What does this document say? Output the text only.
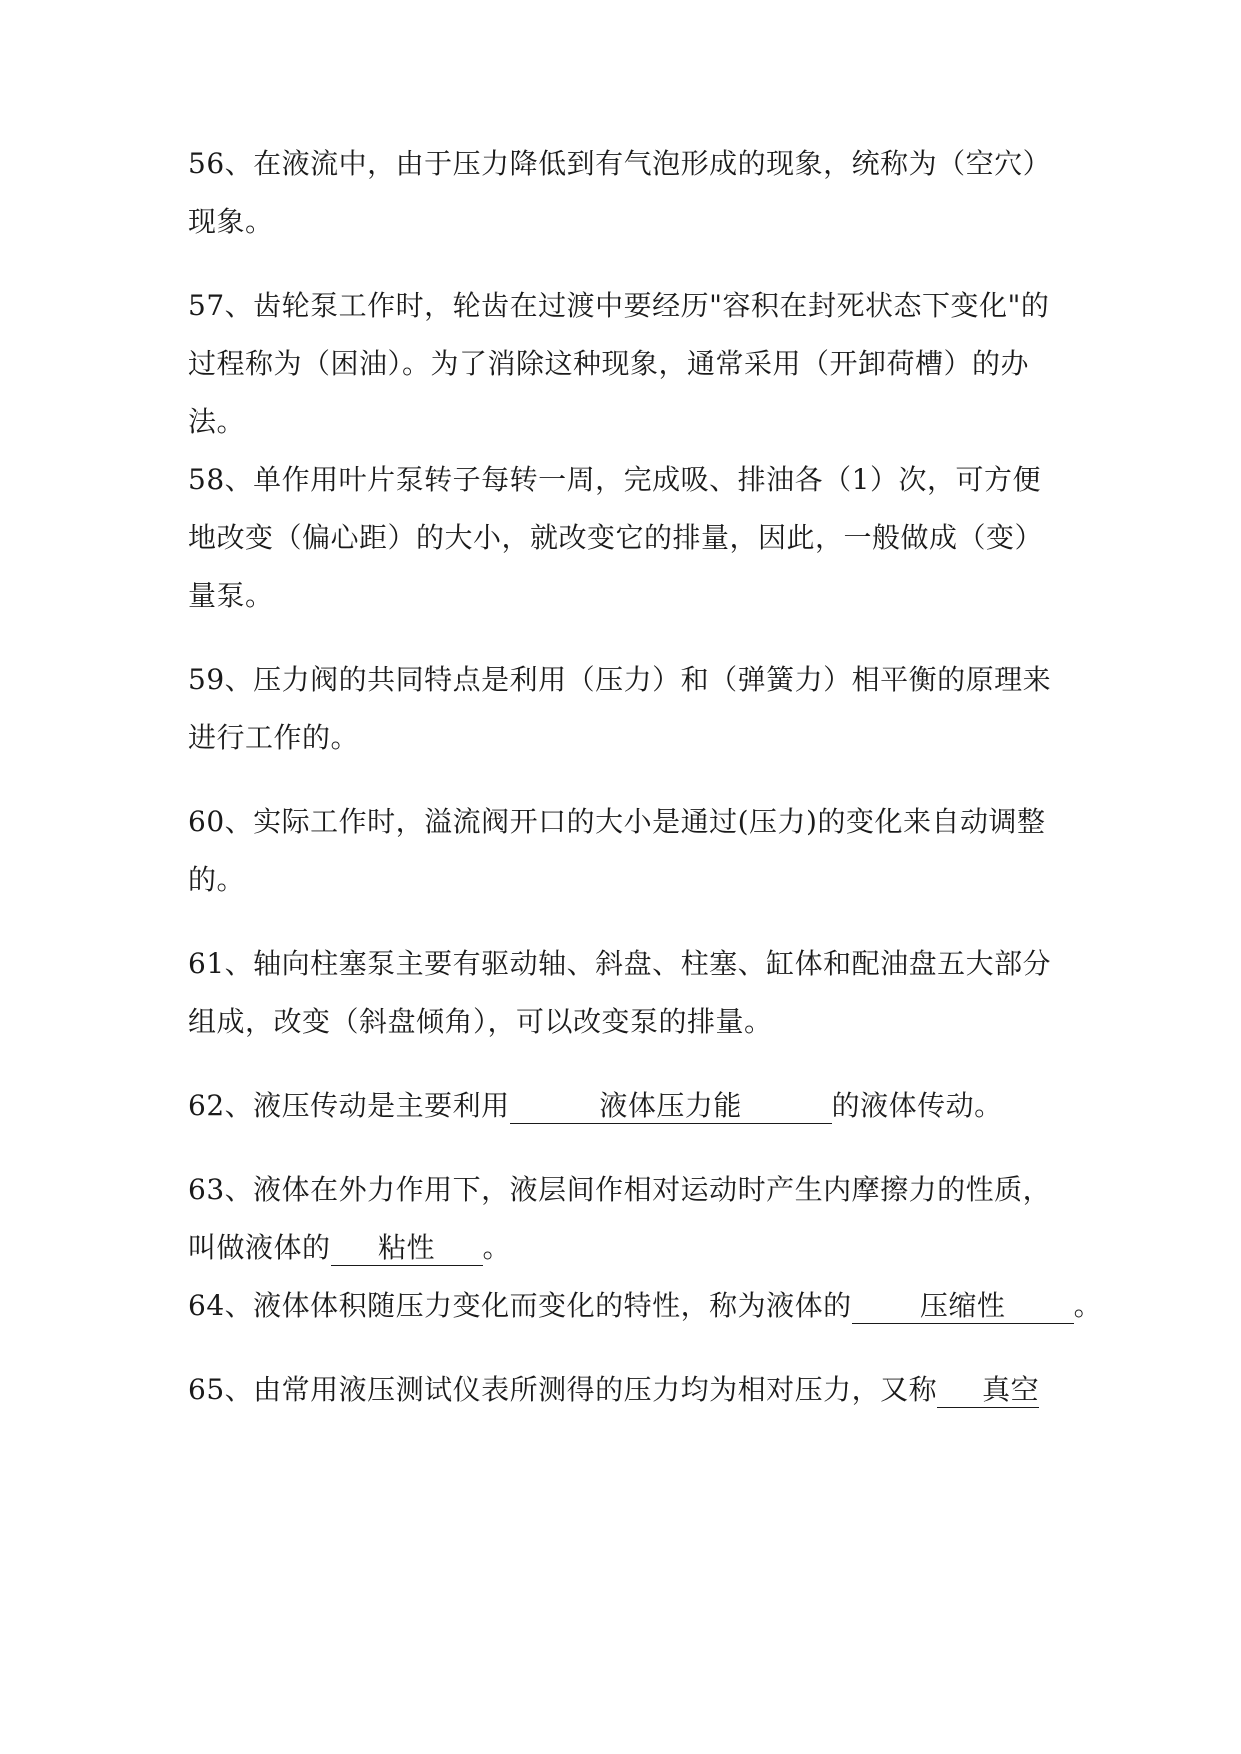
56、在液流中，由于压力降低到有气泡形成的现象，统称为（空穴）
现象。
57、齿轮泵工作时，轮齿在过渡中要经历"容积在封死状态下变化"的
过程称为（困油）。为了消除这种现象，通常采用（开卸荷槽）的办
法。
58、单作用叶片泵转子每转一周，完成吸、排油各（1）次，可方便
地改变（偏心距）的大小，就改变它的排量，因此，一般做成（变）
量泵。
59、压力阀的共同特点是利用（压力）和（弹簧力）相平衡的原理来
进行工作的。
60、实际工作时，溢流阀开口的大小是通过(压力)的变化来自动调整
的。
61、轴向柱塞泵主要有驱动轴、斜盘、柱塞、缸体和配油盘五大部分
组成，改变（斜盘倾角），可以改变泵的排量。
62、液压传动是主要利用	液体压力能	的液体传动。
63、液体在外力作用下，液层间作相对运动时产生内摩擦力的性质，
叫做液体的 粘性 。
64、液体体积随压力变化而变化的特性，称为液体的 压缩性 。
65、由常用液压测试仪表所测得的压力均为相对压力，又称 真空
